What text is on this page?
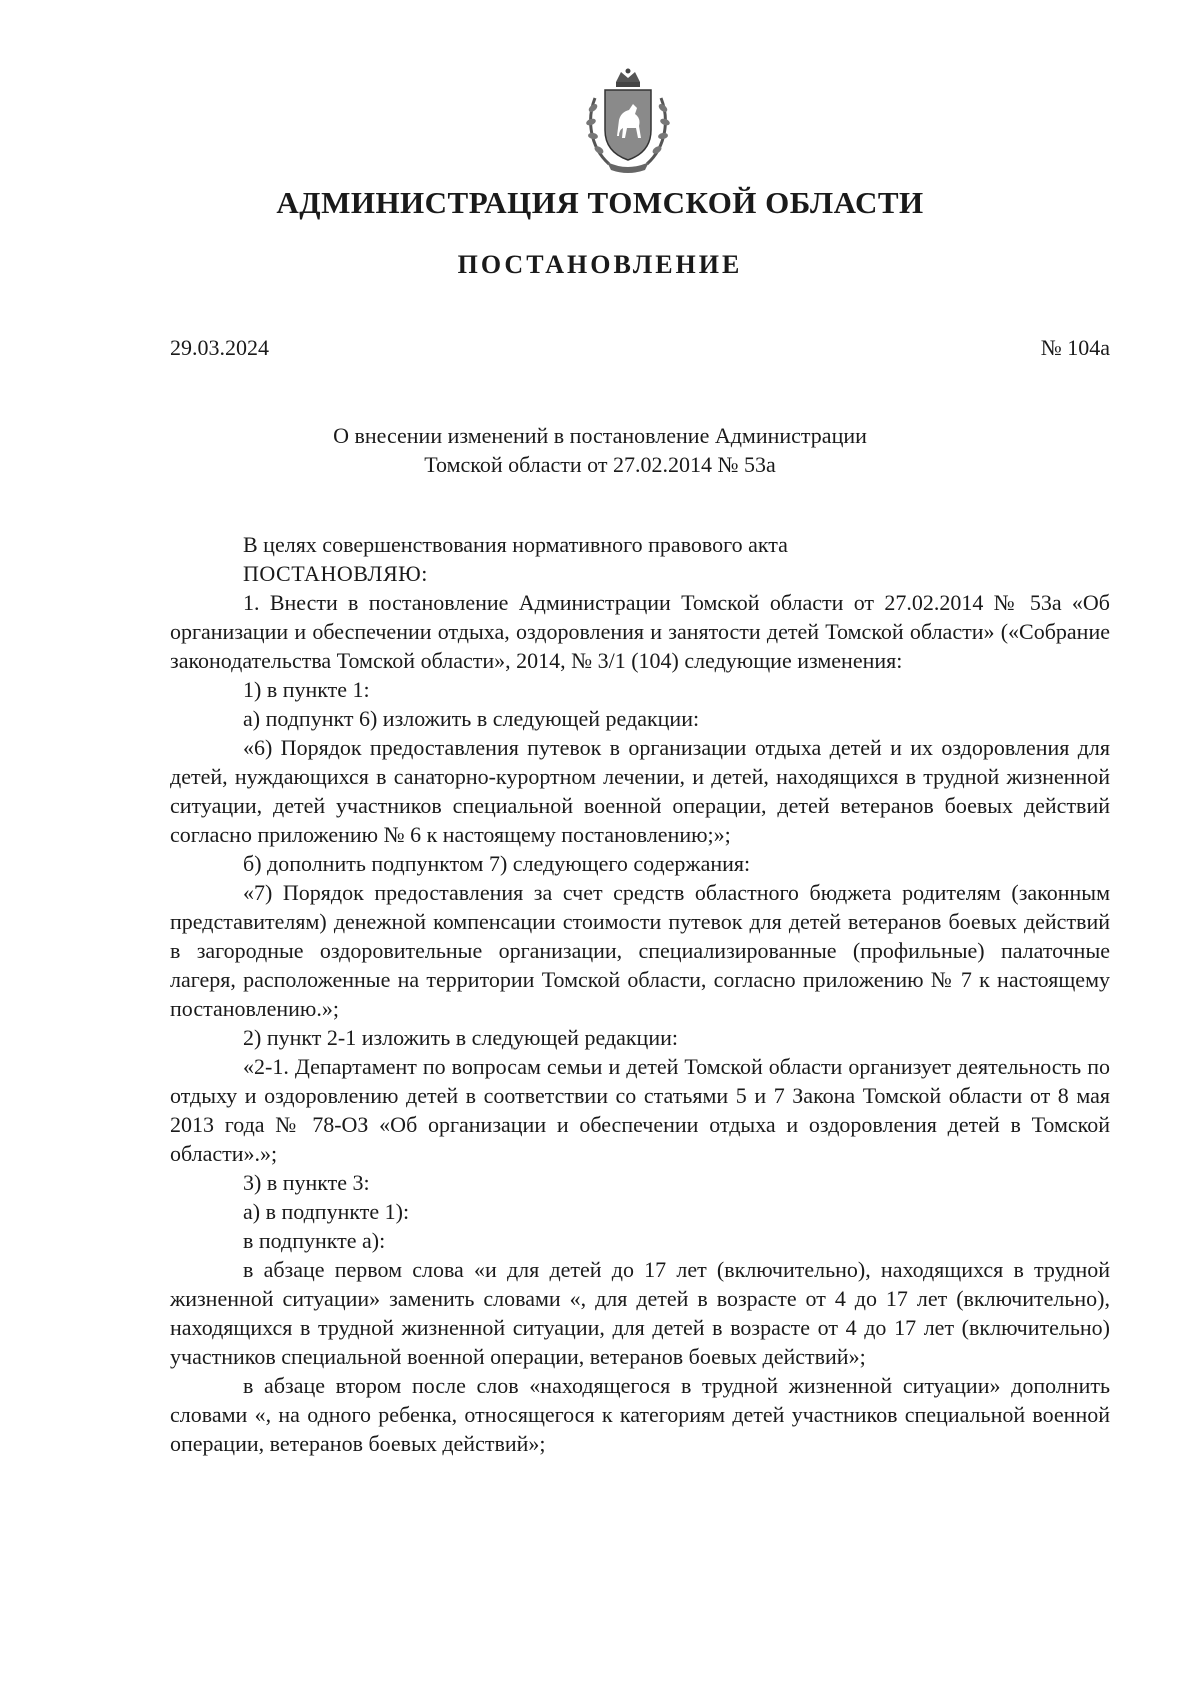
АДМИНИСТРАЦИЯ ТОМСКОЙ ОБЛАСТИ
ПОСТАНОВЛЕНИЕ
29.03.2024	№ 104а
О внесении изменений в постановление Администрации
Томской области от 27.02.2014 № 53а

В целях совершенствования нормативного правового акта

ПОСТАНОВЛЯЮ:

1. Внести в постановление Администрации Томской области от 27.02.2014 № 53а «Об организации и обеспечении отдыха, оздоровления и занятости детей Томской области» («Собрание законодательства Томской области», 2014, № 3/1 (104) следующие изменения:

1) в пункте 1:

а) подпункт 6) изложить в следующей редакции:

«6) Порядок предоставления путевок в организации отдыха детей и их оздоровления для детей, нуждающихся в санаторно-курортном лечении, и детей, находящихся в трудной жизненной ситуации, детей участников специальной военной операции, детей ветеранов боевых действий согласно приложению № 6 к настоящему постановлению;»;

б) дополнить подпунктом 7) следующего содержания:

«7) Порядок предоставления за счет средств областного бюджета родителям (законным представителям) денежной компенсации стоимости путевок для детей ветеранов боевых действий в загородные оздоровительные организации, специализированные (профильные) палаточные лагеря, расположенные на территории Томской области, согласно приложению № 7 к настоящему постановлению.»;

2) пункт 2-1 изложить в следующей редакции:

«2-1. Департамент по вопросам семьи и детей Томской области организует деятельность по отдыху и оздоровлению детей в соответствии со статьями 5 и 7 Закона Томской области от 8 мая 2013 года № 78-ОЗ «Об организации и обеспечении отдыха и оздоровления детей в Томской области».»;

3) в пункте 3:

а) в подпункте 1):

в подпункте а):

в абзаце первом слова «и для детей до 17 лет (включительно), находящихся в трудной жизненной ситуации» заменить словами «, для детей в возрасте от 4 до 17 лет (включительно), находящихся в трудной жизненной ситуации, для детей в возрасте от 4 до 17 лет (включительно) участников специальной военной операции, ветеранов боевых действий»;

в абзаце втором после слов «находящегося в трудной жизненной ситуации» дополнить словами «, на одного ребенка, относящегося к категориям детей участников специальной военной операции, ветеранов боевых действий»;
